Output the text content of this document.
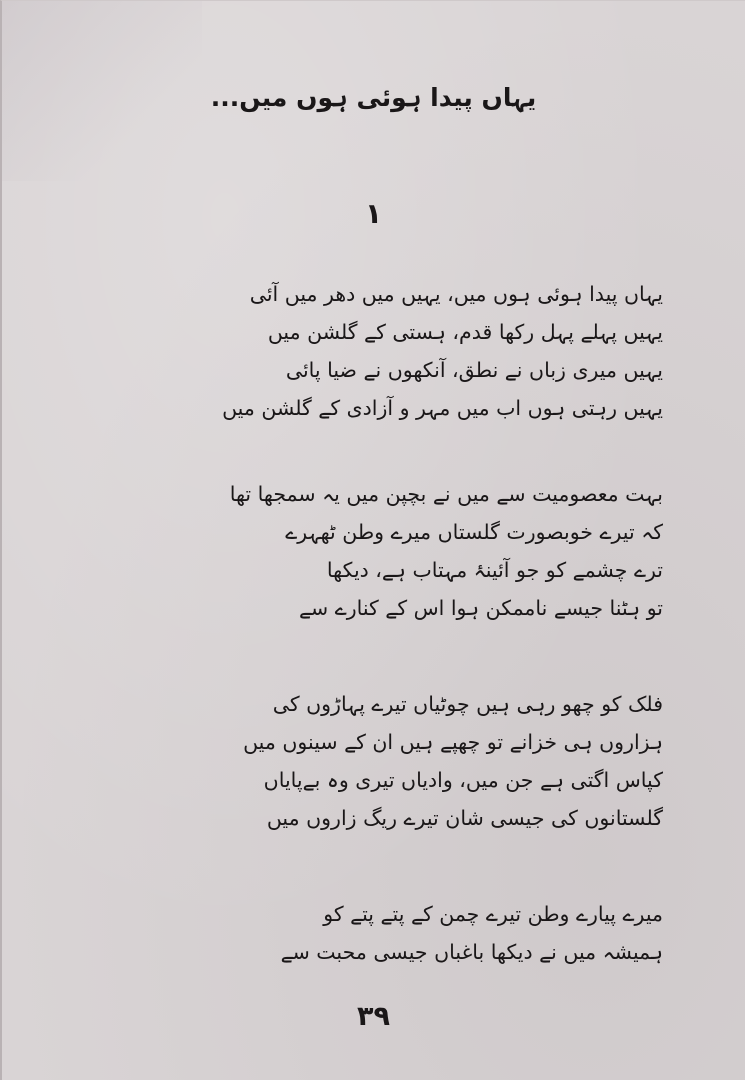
یہاں پیدا ہوئی ہوں میں...
۱
یہاں پیدا ہوئی ہوں میں، یہیں میں دھر میں آئی
یہیں پہلے پہل رکھا قدم، ہستی کے گلشن میں
یہیں میری زباں نے نطق، آنکھوں نے ضیا پائی
یہیں رہتی ہوں اب میں مہر و آزادی کے گلشن میں
بہت معصومیت سے میں نے بچپن میں یہ سمجھا تھا
کہ تیرے خوبصورت گلستاں میرے وطن ٹھہرے
ترے چشمے کو جو آئینۂ مہتاب ہے، دیکھا
تو ہٹنا جیسے ناممکن ہوا اس کے کنارے سے
فلک کو چھو رہی ہیں چوٹیاں تیرے پہاڑوں کی
ہزاروں ہی خزانے تو چھپے ہیں ان کے سینوں میں
کپاس اگتی ہے جن میں، وادیاں تیری وہ بے‌پایاں
گلستانوں کی جیسی شان تیرے ریگ زاروں میں
میرے پیارے وطن تیرے چمن کے پتے پتے کو
ہمیشہ میں نے دیکھا باغباں جیسی محبت سے
۳۹
